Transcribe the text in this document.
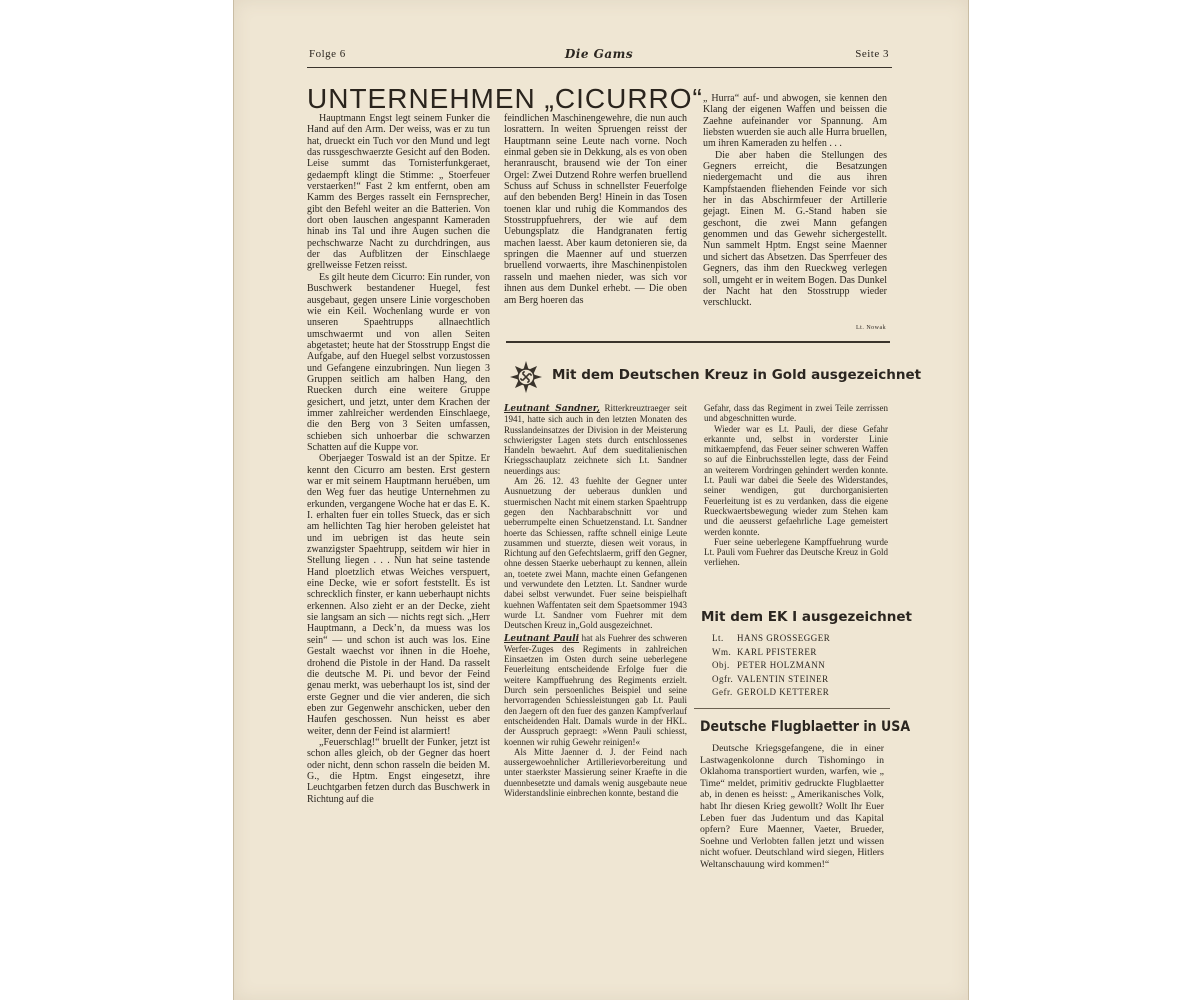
Folge 6	Die Gams	Seite 3
UNTERNEHMEN „CICURRO“

Hauptmann Engst legt seinem Funker die Hand auf den Arm. Der weiss, was er zu tun hat, drueckt ein Tuch vor den Mund und legt das russgeschwaerzte Gesicht auf den Boden. Leise summt das Tornisterfunkgeraet, gedaempft klingt die Stimme: „ Stoerfeuer verstaerken!“ Fast 2 km entfernt, oben am Kamm des Berges rasselt ein Fernsprecher, gibt den Befehl weiter an die Batterien. Von dort oben lauschen angespannt Kameraden hinab ins Tal und ihre Augen suchen die pechschwarze Nacht zu durchdringen, aus der das Aufblitzen der Einschlaege grellweisse Fetzen reisst.

Es gilt heute dem Cicurro: Ein runder, von Buschwerk bestandener Huegel, fest ausgebaut, gegen unsere Linie vorgeschoben wie ein Keil. Wochenlang wurde er von unseren Spaehtrupps allnaechtlich umschwaermt und von allen Seiten abgetastet; heute hat der Stosstrupp Engst die Aufgabe, auf den Huegel selbst vorzustossen und Gefangene einzubringen. Nun liegen 3 Gruppen seitlich am halben Hang, den Ruecken durch eine weitere Gruppe gesichert, und jetzt, unter dem Krachen der immer zahlreicher werdenden Einschlaege, die den Berg von 3 Seiten umfassen, schieben sich unhoerbar die schwarzen Schatten auf die Kuppe vor.

Oberjaeger Toswald ist an der Spitze. Er kennt den Cicurro am besten. Erst gestern war er mit seinem Hauptmann heruében, um den Weg fuer das heutige Unternehmen zu erkunden, vergangene Woche hat er das E. K. I. erhalten fuer ein tolles Stueck, das er sich am hellichten Tag hier heroben geleistet hat und im uebrigen ist das heute sein zwanzigster Spaehtrupp, seitdem wir hier in Stellung liegen . . . Nun hat seine tastende Hand ploetzlich etwas Weiches verspuert, eine Decke, wie er sofort feststellt. Es ist schrecklich finster, er kann ueberhaupt nichts erkennen. Also zieht er an der Decke, zieht sie langsam an sich — nichts regt sich. „Herr Hauptmann, a Deck’n, da muess was los sein“ — und schon ist auch was los. Eine Gestalt waechst vor ihnen in die Hoehe, drohend die Pistole in der Hand. Da rasselt die deutsche M. Pi. und bevor der Feind genau merkt, was ueberhaupt los ist, sind der erste Gegner und die vier anderen, die sich eben zur Gegenwehr anschicken, ueber den Haufen geschossen. Nun heisst es aber weiter, denn der Feind ist alarmiert!

„Feuerschlag!“ bruellt der Funker, jetzt ist schon alles gleich, ob der Gegner das hoert oder nicht, denn schon rasseln die beiden M. G., die Hptm. Engst eingesetzt, ihre Leuchtgarben fetzen durch das Buschwerk in Richtung auf die

feindlichen Maschinengewehre, die nun auch losrattern. In weiten Spruengen reisst der Hauptmann seine Leute nach vorne. Noch einmal geben sie in Dekkung, als es von oben heranrauscht, brausend wie der Ton einer Orgel: Zwei Dutzend Rohre werfen bruellend Schuss auf Schuss in schnellster Feuerfolge auf den bebenden Berg! Hinein in das Tosen toenen klar und ruhig die Kommandos des Stosstruppfuehrers, der wie auf dem Uebungsplatz die Handgranaten fertig machen laesst. Aber kaum detonieren sie, da springen die Maenner auf und stuerzen bruellend vorwaerts, ihre Maschinenpistolen rasseln und maehen nieder, was sich vor ihnen aus dem Dunkel erhebt. — Die oben am Berg hoeren das

„ Hurra“ auf- und abwogen, sie kennen den Klang der eigenen Waffen und beissen die Zaehne aufeinander vor Spannung. Am liebsten wuerden sie auch alle Hurra bruellen, um ihren Kameraden zu helfen . . .

Die aber haben die Stellungen des Gegners erreicht, die Besatzungen niedergemacht und die aus ihren Kampfstaenden fliehenden Feinde vor sich her in das Abschirmfeuer der Artillerie gejagt. Einen M. G.-Stand haben sie geschont, die zwei Mann gefangen genommen und das Gewehr sichergestellt. Nun sammelt Hptm. Engst seine Maenner und sichert das Absetzen. Das Sperrfeuer des Gegners, das ihm den Rueckweg verlegen soll, umgeht er in weitem Bogen. Das Dunkel der Nacht hat den Stosstrupp wieder verschluckt.

Lt. Nowak
Mit dem Deutschen Kreuz in Gold ausgezeichnet

Leutnant Sandner, Ritterkreuztraeger seit 1941, hatte sich auch in den letzten Monaten des Russlandeinsatzes der Division in der Meisterung schwierigster Lagen stets durch entschlossenes Handeln bewaehrt. Auf dem sueditalienischen Kriegsschauplatz zeichnete sich Lt. Sandner neuerdings aus:

Am 26. 12. 43 fuehlte der Gegner unter Ausnuetzung der ueberaus dunklen und stuermischen Nacht mit einem starken Spaehtrupp gegen den Nachbarabschnitt vor und ueberrumpelte einen Schuetzenstand. Lt. Sandner hoerte das Schiessen, raffte schnell einige Leute zusammen und stuerzte, diesen weit voraus, in Richtung auf den Gefechtslaerm, griff den Gegner, ohne dessen Staerke ueberhaupt zu kennen, allein an, toetete zwei Mann, machte einen Gefangenen und verwundete den Letzten. Lt. Sandner wurde dabei selbst verwundet. Fuer seine beispielhaft kuehnen Waffentaten seit dem Spaetsommer 1943 wurde Lt. Sandner vom Fuehrer mit dem Deutschen Kreuz in„Gold ausgezeichnet.

Leutnant Pauli hat als Fuehrer des schweren Werfer-Zuges des Regiments in zahlreichen Einsaetzen im Osten durch seine ueberlegene Feuerleitung entscheidende Erfolge fuer die weitere Kampffuehrung des Regiments erzielt. Durch sein persoenliches Beispiel und seine hervorragenden Schiessleistungen gab Lt. Pauli den Jaegern oft den fuer des ganzen Kampfverlauf entscheidenden Halt. Damals wurde in der HKL. der Ausspruch gepraegt: »Wenn Pauli schiesst, koennen wir ruhig Gewehr reinigen!«

Als Mitte Jaenner d. J. der Feind nach aussergewoehnlicher Artillerievorbereitung und unter staerkster Massierung seiner Kraefte in die duennbesetzte und damals wenig ausgebaute neue Widerstandslinie einbrechen konnte, bestand die

Gefahr, dass das Regiment in zwei Teile zerrissen und abgeschnitten wurde.

Wieder war es Lt. Pauli, der diese Gefahr erkannte und, selbst in vorderster Linie mitkaempfend, das Feuer seiner schweren Waffen so auf die Einbruchsstellen legte, dass der Feind an weiterem Vordringen gehindert werden konnte. Lt. Pauli war dabei die Seele des Widerstandes, seiner wendigen, gut durchorganisierten Feuerleitung ist es zu verdanken, dass die eigene Rueckwaertsbewegung wieder zum Stehen kam und die aeusserst gefaehrliche Lage gemeistert werden konnte.

Fuer seine ueberlegene Kampffuehrung wurde Lt. Pauli vom Fuehrer das Deutsche Kreuz in Gold verliehen.

Mit dem EK I ausgezeichnet
Lt. HANS GROSSEGGER
Wm. KARL PFISTERER
Obj. PETER HOLZMANN
Ogfr. VALENTIN STEINER
Gefr. GEROLD KETTERER
Deutsche Flugblaetter in USA

Deutsche Kriegsgefangene, die in einer Lastwagenkolonne durch Tishomingo in Oklahoma transportiert wurden, warfen, wie „ Time“ meldet, primitiv gedruckte Flugblaetter ab, in denen es heisst: „ Amerikanisches Volk, habt Ihr diesen Krieg gewollt? Wollt Ihr Euer Leben fuer das Judentum und das Kapital opfern? Eure Maenner, Vaeter, Brueder, Soehne und Verlobten fallen jetzt und wissen nicht wofuer. Deutschland wird siegen, Hitlers Weltanschauung wird kommen!“
